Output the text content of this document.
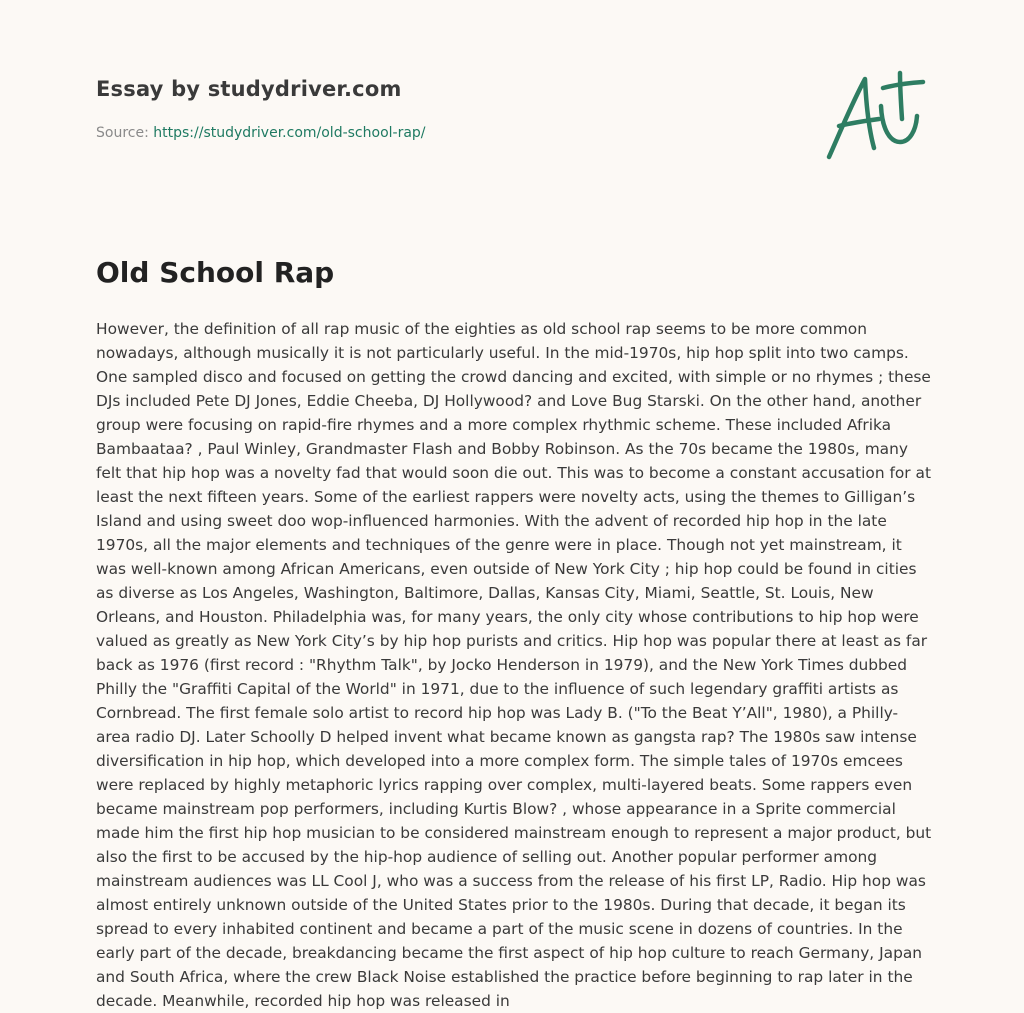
Essay by studydriver.com
Source: https://studydriver.com/old-school-rap/
Old School Rap

However, the definition of all rap music of the eighties as old school rap seems to be more common nowadays, although musically it is not particularly useful. In the mid-1970s, hip hop split into two camps. One sampled disco and focused on getting the crowd dancing and excited, with simple or no rhymes ; these DJs included Pete DJ Jones, Eddie Cheeba, DJ Hollywood? and Love Bug Starski. On the other hand, another group were focusing on rapid-fire rhymes and a more complex rhythmic scheme. These included Afrika Bambaataa? , Paul Winley, Grandmaster Flash and Bobby Robinson. As the 70s became the 1980s, many felt that hip hop was a novelty fad that would soon die out. This was to become a constant accusation for at least the next fifteen years. Some of the earliest rappers were novelty acts, using the themes to Gilligan’s Island and using sweet doo wop-influenced harmonies. With the advent of recorded hip hop in the late 1970s, all the major elements and techniques of the genre were in place. Though not yet mainstream, it was well-known among African Americans, even outside of New York City ; hip hop could be found in cities as diverse as Los Angeles, Washington, Baltimore, Dallas, Kansas City, Miami, Seattle, St. Louis, New Orleans, and Houston. Philadelphia was, for many years, the only city whose contributions to hip hop were valued as greatly as New York City’s by hip hop purists and critics. Hip hop was popular there at least as far back as 1976 (first record : "Rhythm Talk", by Jocko Henderson in 1979), and the New York Times dubbed Philly the "Graffiti Capital of the World" in 1971, due to the influence of such legendary graffiti artists as Cornbread. The first female solo artist to record hip hop was Lady B. ("To the Beat Y’All", 1980), a Philly-area radio DJ. Later Schoolly D helped invent what became known as gangsta rap? The 1980s saw intense diversification in hip hop, which developed into a more complex form. The simple tales of 1970s emcees were replaced by highly metaphoric lyrics rapping over complex, multi-layered beats. Some rappers even became mainstream pop performers, including Kurtis Blow? , whose appearance in a Sprite commercial made him the first hip hop musician to be considered mainstream enough to represent a major product, but also the first to be accused by the hip-hop audience of selling out. Another popular performer among mainstream audiences was LL Cool J, who was a success from the release of his first LP, Radio. Hip hop was almost entirely unknown outside of the United States prior to the 1980s. During that decade, it began its spread to every inhabited continent and became a part of the music scene in dozens of countries. In the early part of the decade, breakdancing became the first aspect of hip hop culture to reach Germany, Japan and South Africa, where the crew Black Noise established the practice before beginning to rap later in the decade. Meanwhile, recorded hip hop was released in
